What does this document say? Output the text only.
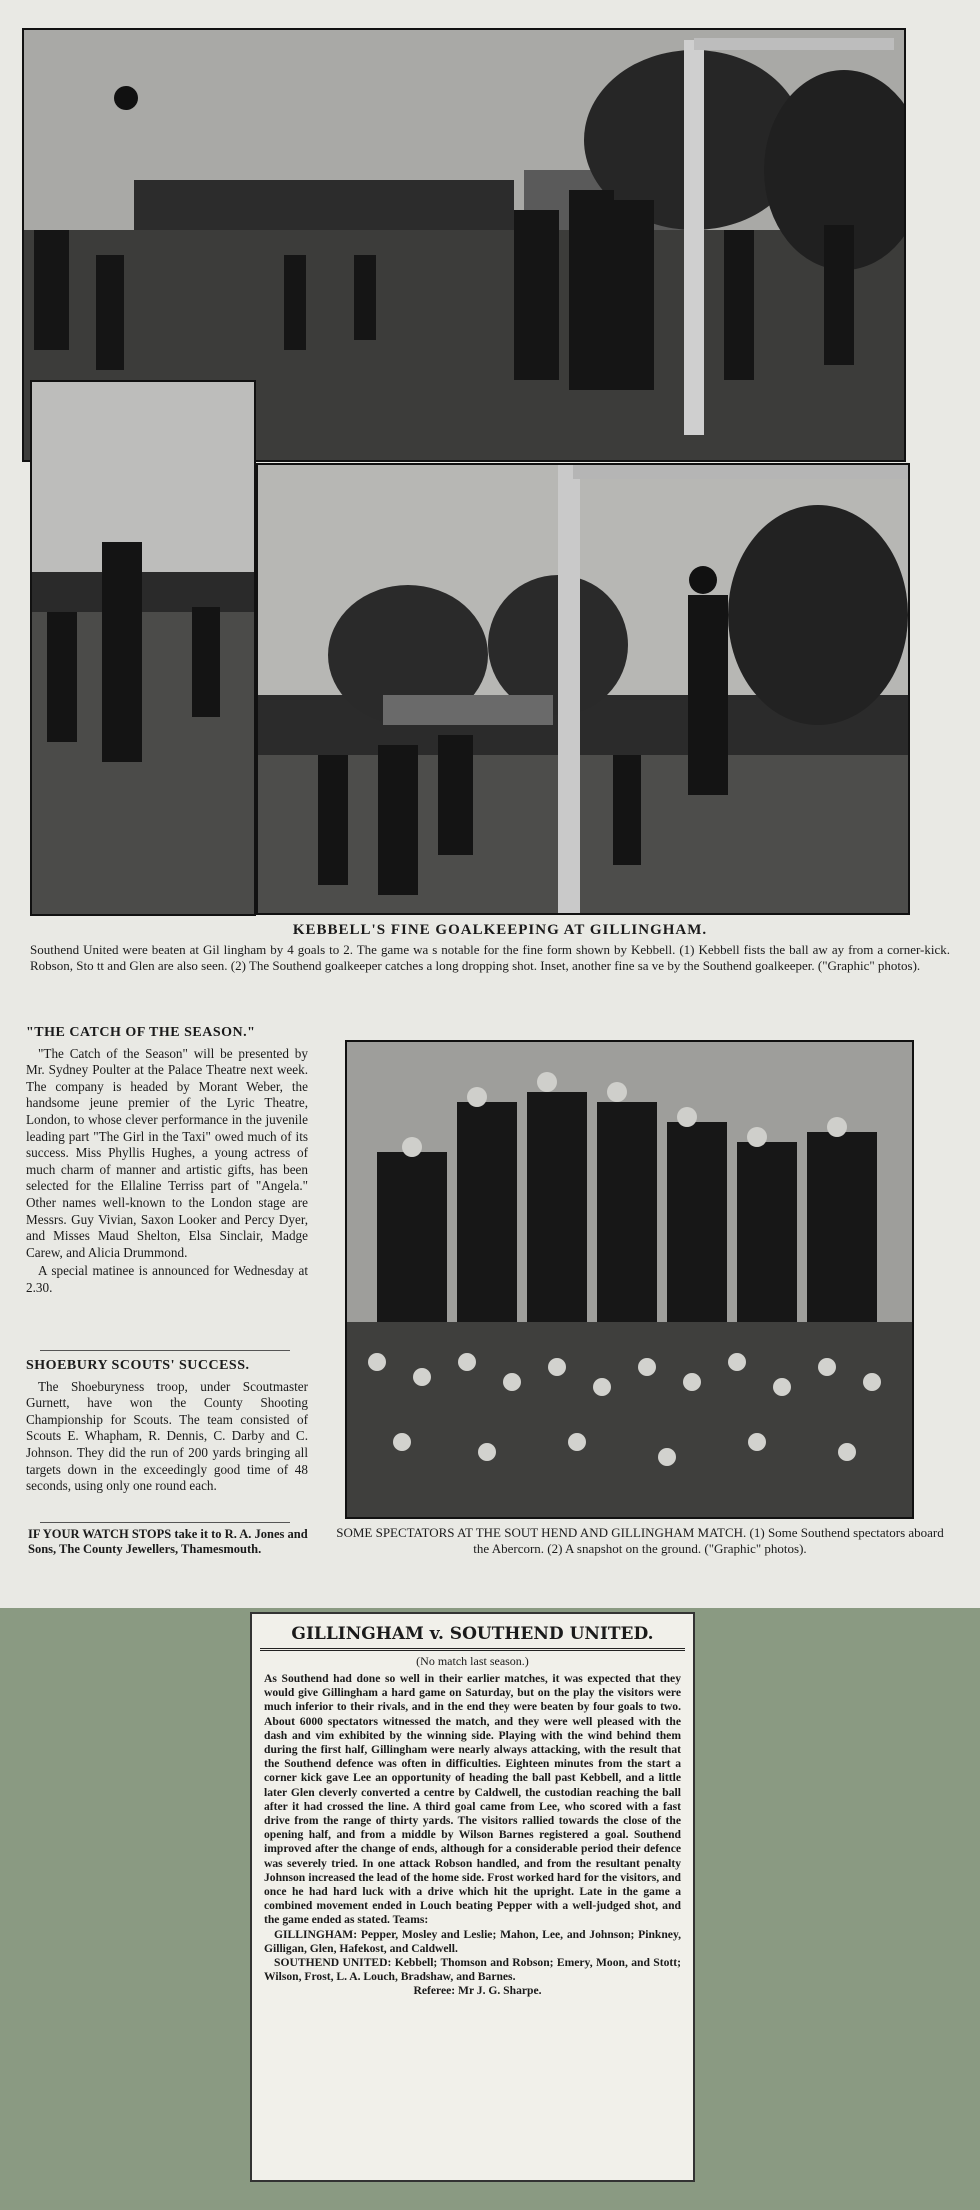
KEBBELL'S FINE GOALKEEPING AT GILLINGHAM.
Southend United were beaten at Gil lingham by 4 goals to 2. The game wa s notable for the fine form shown by Kebbell. (1) Kebbell fists the ball aw ay from a corner-kick. Robson, Sto tt and Glen are also seen. (2) The Southend goalkeeper catches a long dropping shot. Inset, another fine sa ve by the Southend goalkeeper. ("Graphic" photos).
"THE CATCH OF THE SEASON."

"The Catch of the Season" will be presented by Mr. Sydney Poulter at the Palace Theatre next week. The company is headed by Morant Weber, the handsome jeune premier of the Lyric Theatre, London, to whose clever performance in the juvenile leading part "The Girl in the Taxi" owed much of its success. Miss Phyllis Hughes, a young actress of much charm of manner and artistic gifts, has been selected for the Ellaline Terriss part of "Angela." Other names well-known to the London stage are Messrs. Guy Vivian, Saxon Looker and Percy Dyer, and Misses Maud Shelton, Elsa Sinclair, Madge Carew, and Alicia Drummond.

A special matinee is announced for Wednesday at 2.30.

SHOEBURY SCOUTS' SUCCESS.

The Shoeburyness troop, under Scoutmaster Gurnett, have won the County Shooting Championship for Scouts. The team consisted of Scouts E. Whapham, R. Dennis, C. Darby and C. Johnson. They did the run of 200 yards bringing all targets down in the exceedingly good time of 48 seconds, using only one round each.

IF YOUR WATCH STOPS take it to R. A. Jones and Sons, The County Jewellers, Thamesmouth.
SOME SPECTATORS AT THE SOUT HEND AND GILLINGHAM MATCH. (1) Some Southend spectators aboard the Abercorn. (2) A snapshot on the ground. ("Graphic" photos).
GILLINGHAM v. SOUTHEND UNITED.
(No match last season.)

As Southend had done so well in their earlier matches, it was expected that they would give Gillingham a hard game on Saturday, but on the play the visitors were much inferior to their rivals, and in the end they were beaten by four goals to two. About 6000 spectators witnessed the match, and they were well pleased with the dash and vim exhibited by the winning side. Playing with the wind behind them during the first half, Gillingham were nearly always attacking, with the result that the Southend defence was often in difficulties. Eighteen minutes from the start a corner kick gave Lee an opportunity of heading the ball past Kebbell, and a little later Glen cleverly converted a centre by Caldwell, the custodian reaching the ball after it had crossed the line. A third goal came from Lee, who scored with a fast drive from the range of thirty yards. The visitors rallied towards the close of the opening half, and from a middle by Wilson Barnes registered a goal. Southend improved after the change of ends, although for a considerable period their defence was severely tried. In one attack Robson handled, and from the resultant penalty Johnson increased the lead of the home side. Frost worked hard for the visitors, and once he had hard luck with a drive which hit the upright. Late in the game a combined movement ended in Louch beating Pepper with a well-judged shot, and the game ended as stated. Teams:

GILLINGHAM: Pepper, Mosley and Leslie; Mahon, Lee, and Johnson; Pinkney, Gilligan, Glen, Hafekost, and Caldwell.

SOUTHEND UNITED: Kebbell; Thomson and Robson; Emery, Moon, and Stott; Wilson, Frost, L. A. Louch, Bradshaw, and Barnes.

Referee: Mr J. G. Sharpe.
